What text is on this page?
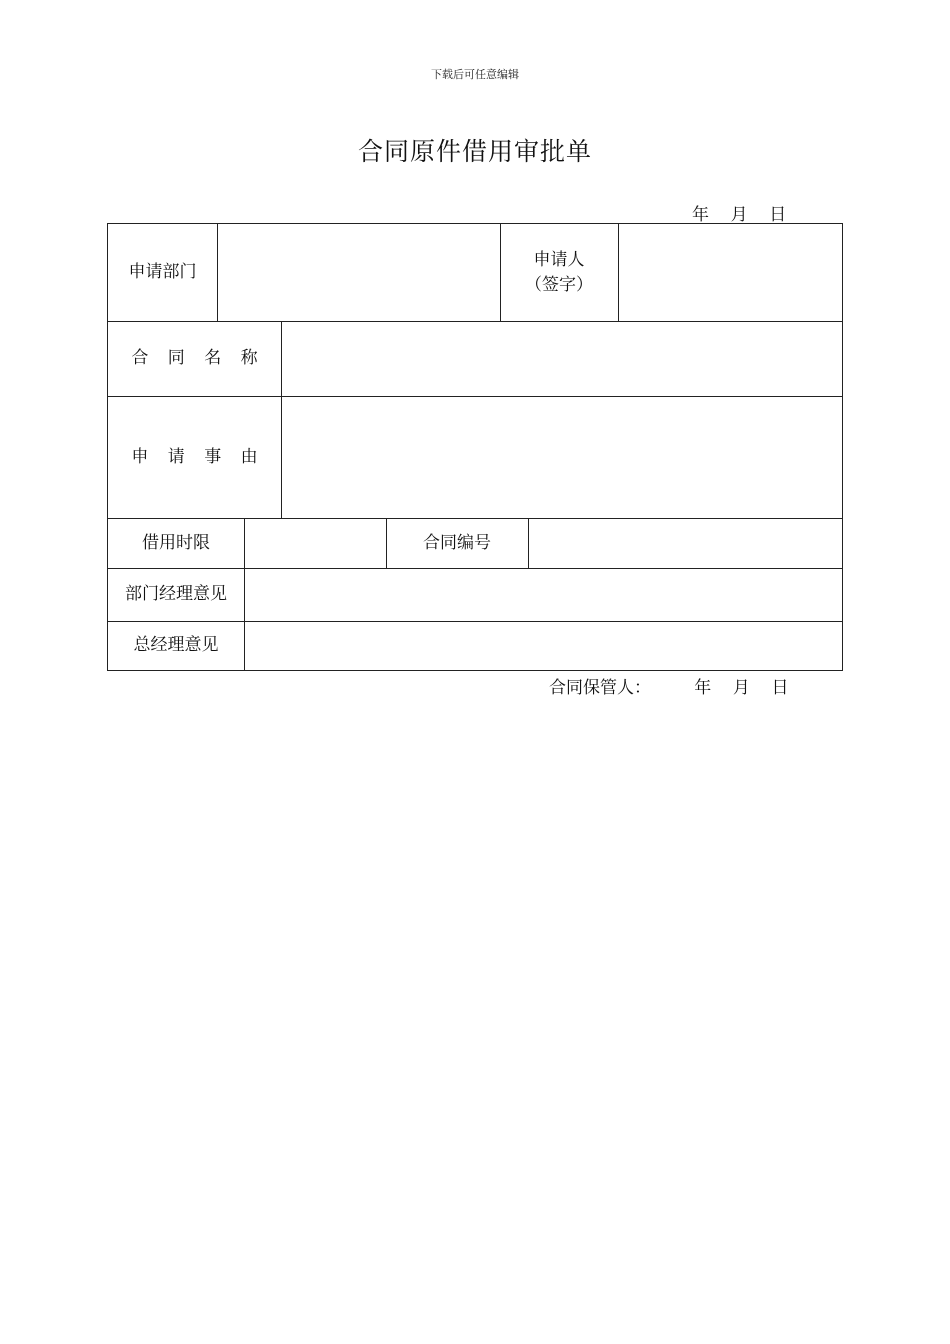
下载后可任意编辑
合同原件借用审批单
年 月 日
申请部门
申请人
（签字）
合 同 名 称
申 请 事 由
借用时限	合同编号
部门经理意见
总经理意见
合同保管人：	年 月 日
